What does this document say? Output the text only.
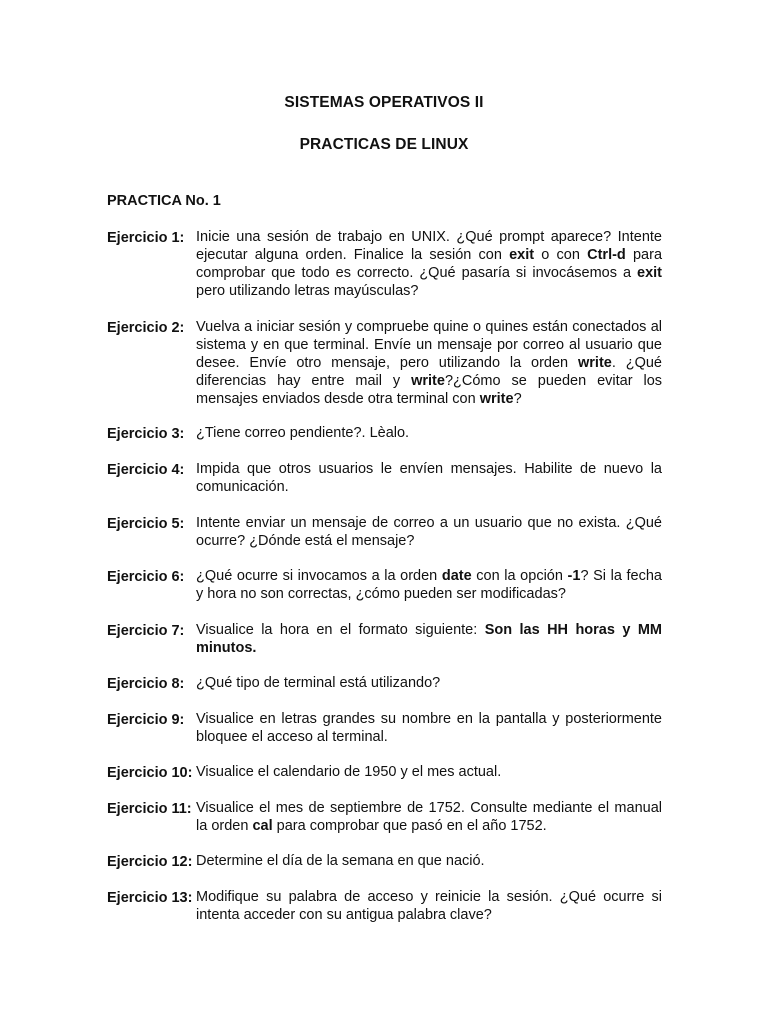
SISTEMAS OPERATIVOS II
PRACTICAS DE LINUX
PRACTICA No. 1
Ejercicio 1: Inicie una sesión de trabajo en UNIX. ¿Qué prompt aparece? Intente ejecutar alguna orden. Finalice la sesión con exit o con Ctrl-d para comprobar que todo es correcto. ¿Qué pasaría si invocásemos a exit pero utilizando letras mayúsculas?
Ejercicio 2: Vuelva a iniciar sesión y compruebe quine o quines están conectados al sistema y en que terminal. Envíe un mensaje por correo al usuario que desee. Envíe otro mensaje, pero utilizando la orden write. ¿Qué diferencias hay entre mail y write?¿Cómo se pueden evitar los mensajes enviados desde otra terminal con write?
Ejercicio 3: ¿Tiene correo pendiente?. Lèalo.
Ejercicio 4: Impida que otros usuarios le envíen mensajes. Habilite de nuevo la comunicación.
Ejercicio 5: Intente enviar un mensaje de correo a un usuario que no exista. ¿Qué ocurre? ¿Dónde está el mensaje?
Ejercicio 6: ¿Qué ocurre si invocamos a la orden date con la opción -1? Si la fecha y hora no son correctas, ¿cómo pueden ser modificadas?
Ejercicio 7: Visualice la hora en el formato siguiente: Son las HH horas y MM minutos.
Ejercicio 8: ¿Qué tipo de terminal está utilizando?
Ejercicio 9: Visualice en letras grandes su nombre en la pantalla y posteriormente bloquee el acceso al terminal.
Ejercicio 10: Visualice el calendario de 1950 y el mes actual.
Ejercicio 11: Visualice el mes de septiembre de 1752. Consulte mediante el manual la orden cal para comprobar que pasó en el año 1752.
Ejercicio 12: Determine el día de la semana en que nació.
Ejercicio 13: Modifique su palabra de acceso y reinicie la sesión. ¿Qué ocurre si intenta acceder con su antigua palabra clave?
